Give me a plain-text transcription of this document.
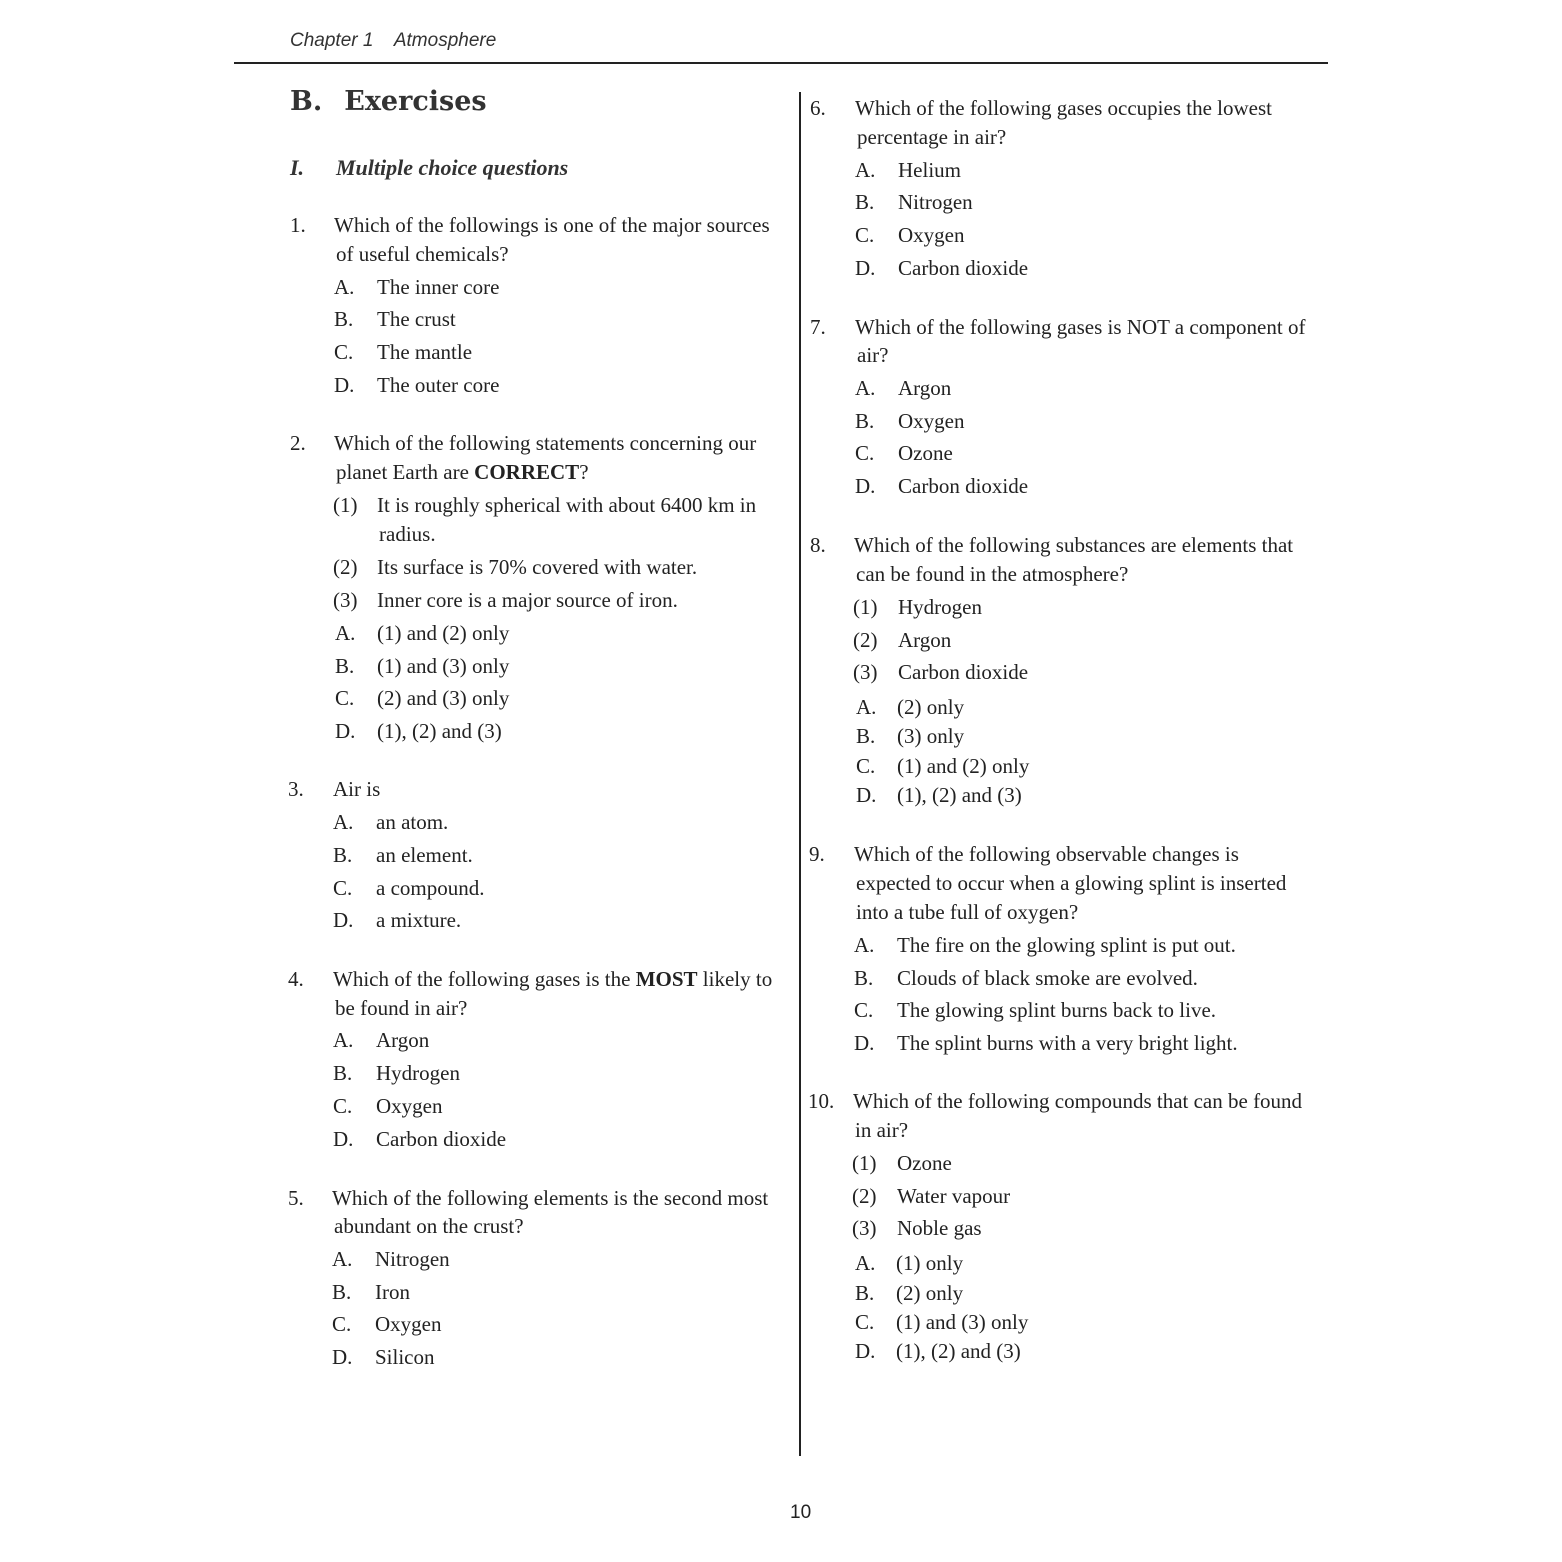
Chapter 1    Atmosphere
B. Exercises
I. Multiple choice questions
1. Which of the followings is one of the major sources
of useful chemicals?
A. The inner core
B. The crust
C. The mantle
D. The outer core
2. Which of the following statements concerning our
planet Earth are CORRECT?
(1) It is roughly spherical with about 6400 km in
radius.
(2) Its surface is 70% covered with water.
(3) Inner core is a major source of iron.
A. (1) and (2) only
B. (1) and (3) only
C. (2) and (3) only
D. (1), (2) and (3)
3. Air is
A. an atom.
B. an element.
C. a compound.
D. a mixture.
4. Which of the following gases is the MOST likely to
be found in air?
A. Argon
B. Hydrogen
C. Oxygen
D. Carbon dioxide
5. Which of the following elements is the second most
abundant on the crust?
A. Nitrogen
B. Iron
C. Oxygen
D. Silicon
6. Which of the following gases occupies the lowest
percentage in air?
A. Helium
B. Nitrogen
C. Oxygen
D. Carbon dioxide
7. Which of the following gases is NOT a component of
air?
A. Argon
B. Oxygen
C. Ozone
D. Carbon dioxide
8. Which of the following substances are elements that
can be found in the atmosphere?
(1) Hydrogen
(2) Argon
(3) Carbon dioxide
A. (2) only
B. (3) only
C. (1) and (2) only
D. (1), (2) and (3)
9. Which of the following observable changes is
expected to occur when a glowing splint is inserted
into a tube full of oxygen?
A. The fire on the glowing splint is put out.
B. Clouds of black smoke are evolved.
C. The glowing splint burns back to live.
D. The splint burns with a very bright light.
10. Which of the following compounds that can be found
in air?
(1) Ozone
(2) Water vapour
(3) Noble gas
A. (1) only
B. (2) only
C. (1) and (3) only
D. (1), (2) and (3)
10
